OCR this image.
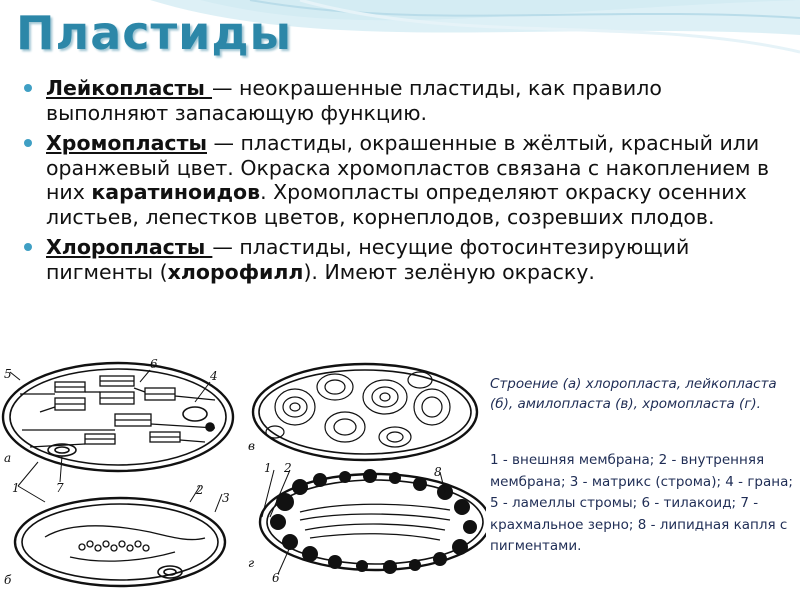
Пластиды
Лейкопласты — неокрашенные пластиды, как правило выполняют запасающую функцию.
Хромопласты — пластиды, окрашенные в жёлтый, красный или оранжевый цвет. Окраска хромопластов связана с накоплением в них каратиноидов. Хромопласты определяют окраску осенних листьев, лепестков цветов, корнеплодов, созревших плодов.
Хлоропласты — пластиды, несущие фотосинтезирующий пигменты (хлорофилл). Имеют зелёную окраску.
а
б
в
г
5
6
4
1	7	2
3
1 2	8
6
Строение (а) хлоропласта, лейкопласта (б), амилопласта (в), хромопласта (г).
1 - внешняя мембрана; 2 - внутренняя мембрана; 3 - матрикс (строма); 4 - грана; 5 - ламеллы стромы; 6 - тилакоид; 7 - крахмальное зерно; 8 - липидная капля с пигментами.
